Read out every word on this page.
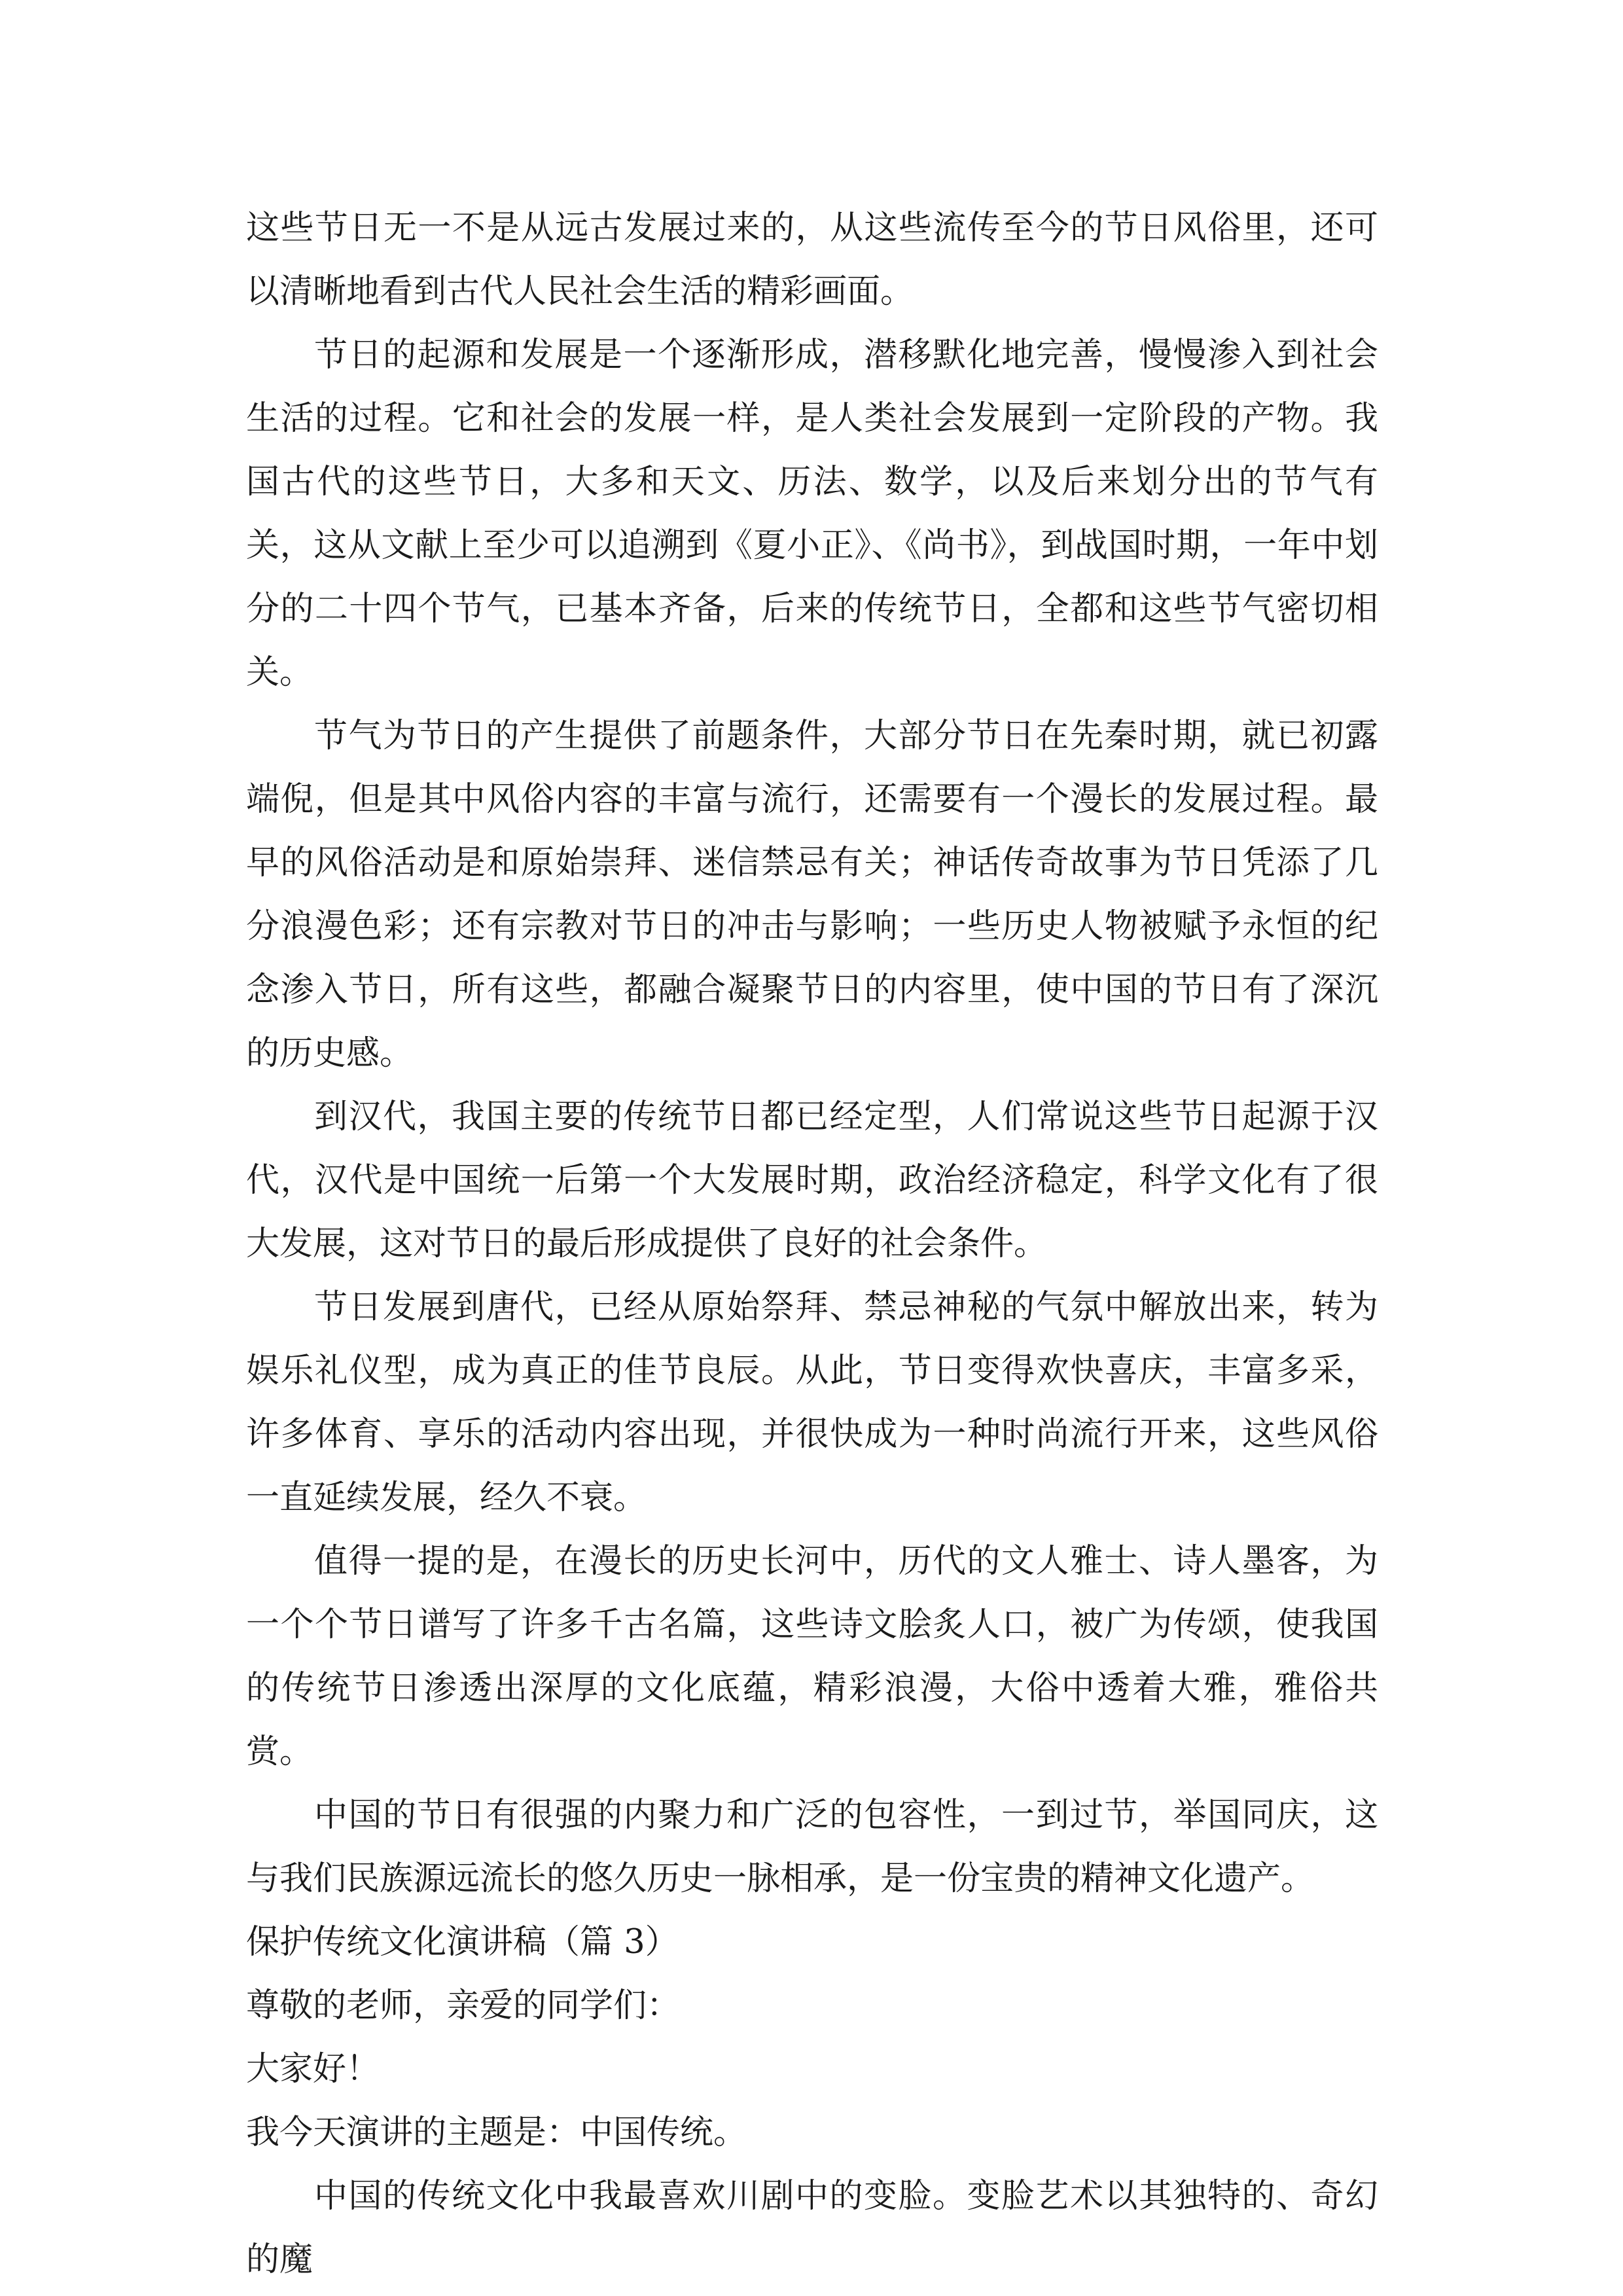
这些节日无一不是从远古发展过来的，从这些流传至今的节日风俗里，还可以清晰地看到古代人民社会生活的精彩画面。

节日的起源和发展是一个逐渐形成，潜移默化地完善，慢慢渗入到社会生活的过程。它和社会的发展一样，是人类社会发展到一定阶段的产物。我国古代的这些节日，大多和天文、历法、数学，以及后来划分出的节气有关，这从文献上至少可以追溯到《夏小正》、《尚书》，到战国时期，一年中划分的二十四个节气，已基本齐备，后来的传统节日，全都和这些节气密切相关。

节气为节日的产生提供了前题条件，大部分节日在先秦时期，就已初露端倪，但是其中风俗内容的丰富与流行，还需要有一个漫长的发展过程。最早的风俗活动是和原始崇拜、迷信禁忌有关；神话传奇故事为节日凭添了几分浪漫色彩；还有宗教对节日的冲击与影响；一些历史人物被赋予永恒的纪念渗入节日，所有这些，都融合凝聚节日的内容里，使中国的节日有了深沉的历史感。

到汉代，我国主要的传统节日都已经定型，人们常说这些节日起源于汉代，汉代是中国统一后第一个大发展时期，政治经济稳定，科学文化有了很大发展，这对节日的最后形成提供了良好的社会条件。

节日发展到唐代，已经从原始祭拜、禁忌神秘的气氛中解放出来，转为娱乐礼仪型，成为真正的佳节良辰。从此，节日变得欢快喜庆，丰富多采，许多体育、享乐的活动内容出现，并很快成为一种时尚流行开来，这些风俗一直延续发展，经久不衰。

值得一提的是，在漫长的历史长河中，历代的文人雅士、诗人墨客，为一个个节日谱写了许多千古名篇，这些诗文脍炙人口，被广为传颂，使我国的传统节日渗透出深厚的文化底蕴，精彩浪漫，大俗中透着大雅，雅俗共赏。

中国的节日有很强的内聚力和广泛的包容性，一到过节，举国同庆，这与我们民族源远流长的悠久历史一脉相承，是一份宝贵的精神文化遗产。

保护传统文化演讲稿（篇 3）

尊敬的老师，亲爱的同学们：

大家好！

我今天演讲的主题是：中国传统。

中国的传统文化中我最喜欢川剧中的变脸。变脸艺术以其独特的、奇幻的魔
